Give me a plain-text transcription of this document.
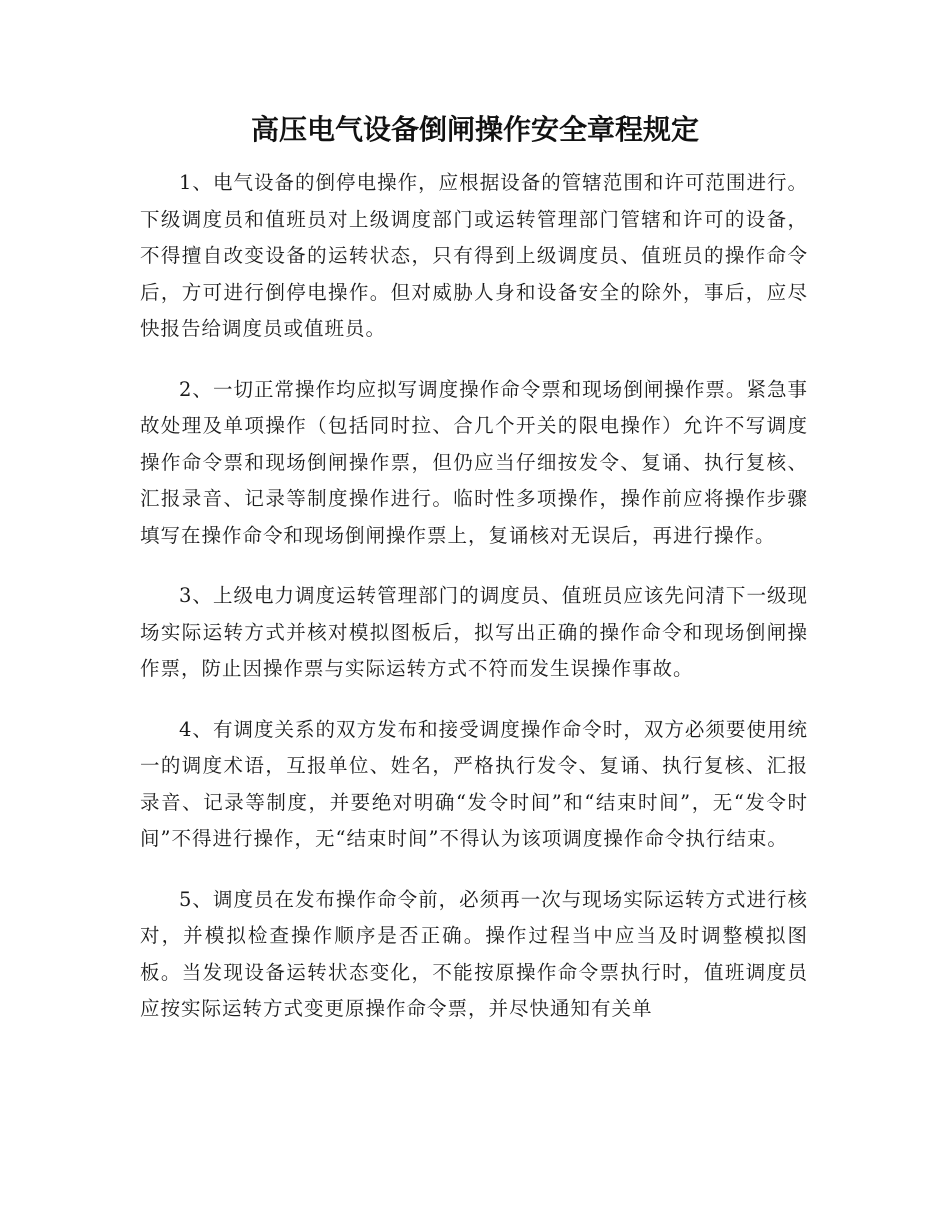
高压电气设备倒闸操作安全章程规定

1、电气设备的倒停电操作，应根据设备的管辖范围和许可范围进行。下级调度员和值班员对上级调度部门或运转管理部门管辖和许可的设备，不得擅自改变设备的运转状态，只有得到上级调度员、值班员的操作命令后，方可进行倒停电操作。但对威胁人身和设备安全的除外，事后，应尽快报告给调度员或值班员。

2、一切正常操作均应拟写调度操作命令票和现场倒闸操作票。紧急事故处理及单项操作（包括同时拉、合几个开关的限电操作）允许不写调度操作命令票和现场倒闸操作票，但仍应当仔细按发令、复诵、执行复核、汇报录音、记录等制度操作进行。临时性多项操作，操作前应将操作步骤填写在操作命令和现场倒闸操作票上，复诵核对无误后，再进行操作。

3、上级电力调度运转管理部门的调度员、值班员应该先问清下一级现场实际运转方式并核对模拟图板后，拟写出正确的操作命令和现场倒闸操作票，防止因操作票与实际运转方式不符而发生误操作事故。

4、有调度关系的双方发布和接受调度操作命令时，双方必须要使用统一的调度术语，互报单位、姓名，严格执行发令、复诵、执行复核、汇报录音、记录等制度，并要绝对明确“发令时间”和“结束时间”，无“发令时间”不得进行操作，无“结束时间”不得认为该项调度操作命令执行结束。

5、调度员在发布操作命令前，必须再一次与现场实际运转方式进行核对，并模拟检查操作顺序是否正确。操作过程当中应当及时调整模拟图板。当发现设备运转状态变化，不能按原操作命令票执行时，值班调度员应按实际运转方式变更原操作命令票，并尽快通知有关单
